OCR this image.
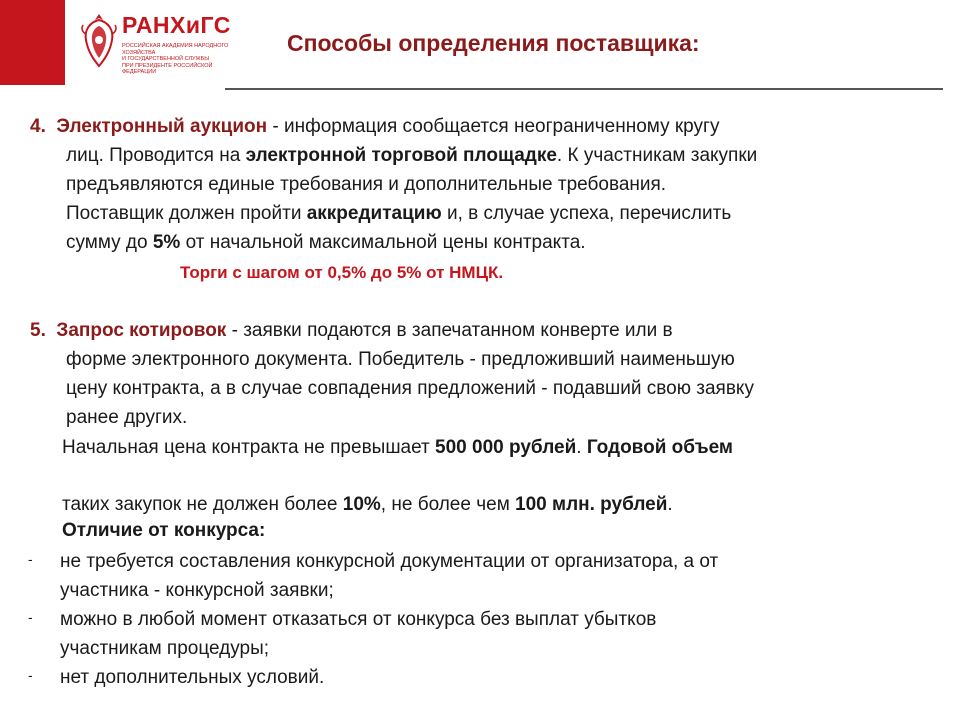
РАНХиГС
РОССИЙСКАЯ АКАДЕМИЯ НАРОДНОГО ХОЗЯЙСТВА
И ГОСУДАРСТВЕННОЙ СЛУЖБЫ
ПРИ ПРЕЗИДЕНТЕ РОССИЙСКОЙ ФЕДЕРАЦИИ
Способы определения поставщика:
4. Электронный аукцион - информация сообщается неограниченному кругу
лиц. Проводится на электронной торговой площадке. К участникам закупки
предъявляются единые требования и дополнительные требования.
Поставщик должен пройти аккредитацию и, в случае успеха, перечислить
сумму до 5% от начальной максимальной цены контракта.
Торги с шагом от 0,5% до 5% от НМЦК.
5. Запрос котировок - заявки подаются в запечатанном конверте или в
форме электронного документа. Победитель - предложивший наименьшую
цену контракта, а в случае совпадения предложений - подавший свою заявку
ранее других.
Начальная цена контракта не превышает 500 000 рублей. Годовой объем
таких закупок не должен более 10%, не более чем 100 млн. рублей.
Отличие от конкурса:
- не требуется составления конкурсной документации от организатора, а от
участника - конкурсной заявки;
- можно в любой момент отказаться от конкурса без выплат убытков
участникам процедуры;
- нет дополнительных условий.
